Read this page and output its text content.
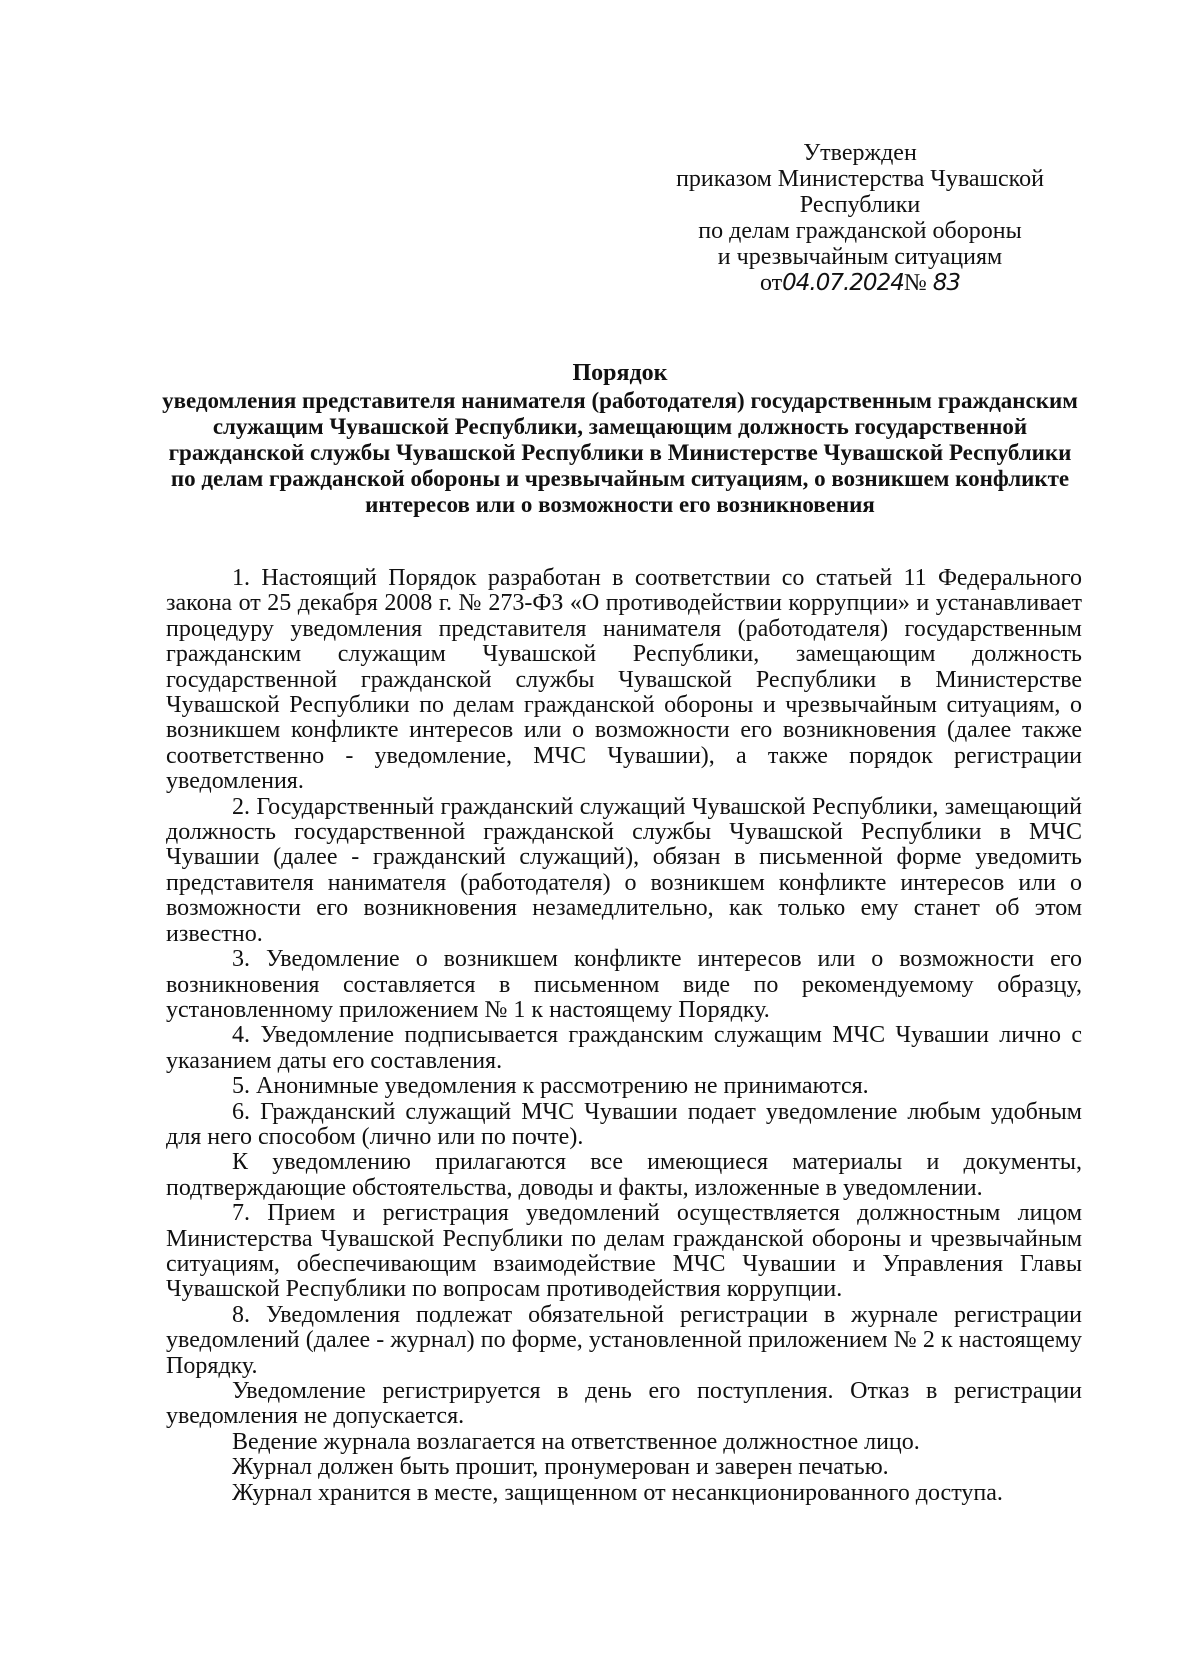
Утвержден
приказом Министерства Чувашской
Республики
по делам гражданской обороны
и чрезвычайным ситуациям
от04.07.2024№ 83
Порядок
уведомления представителя нанимателя (работодателя) государственным гражданским служащим Чувашской Республики, замещающим должность государственной гражданской службы Чувашской Республики в Министерстве Чувашской Республики по делам гражданской обороны и чрезвычайным ситуациям, о возникшем конфликте интересов или о возможности его возникновения

1. Настоящий Порядок разработан в соответствии со статьей 11 Федерального закона от 25 декабря 2008 г. № 273-ФЗ «О противодействии коррупции» и устанавливает процедуру уведомления представителя нанимателя (работодателя) государственным гражданским служащим Чувашской Республики, замещающим должность государственной гражданской службы Чувашской Республики в Министерстве Чувашской Республики по делам гражданской обороны и чрезвычайным ситуациям, о возникшем конфликте интересов или о возможности его возникновения (далее также соответственно - уведомление, МЧС Чувашии), а также порядок регистрации уведомления.

2. Государственный гражданский служащий Чувашской Республики, замещающий должность государственной гражданской службы Чувашской Республики в МЧС Чувашии (далее - гражданский служащий), обязан в письменной форме уведомить представителя нанимателя (работодателя) о возникшем конфликте интересов или о возможности его возникновения незамедлительно, как только ему станет об этом известно.

3. Уведомление о возникшем конфликте интересов или о возможности его возникновения составляется в письменном виде по рекомендуемому образцу, установленному приложением № 1 к настоящему Порядку.

4. Уведомление подписывается гражданским служащим МЧС Чувашии лично с указанием даты его составления.

5. Анонимные уведомления к рассмотрению не принимаются.

6. Гражданский служащий МЧС Чувашии подает уведомление любым удобным для него способом (лично или по почте).

К уведомлению прилагаются все имеющиеся материалы и документы, подтверждающие обстоятельства, доводы и факты, изложенные в уведомлении.

7. Прием и регистрация уведомлений осуществляется должностным лицом Министерства Чувашской Республики по делам гражданской обороны и чрезвычайным ситуациям, обеспечивающим взаимодействие МЧС Чувашии и Управления Главы Чувашской Республики по вопросам противодействия коррупции.

8. Уведомления подлежат обязательной регистрации в журнале регистрации уведомлений (далее - журнал) по форме, установленной приложением № 2 к настоящему Порядку.

Уведомление регистрируется в день его поступления. Отказ в регистрации уведомления не допускается.

Ведение журнала возлагается на ответственное должностное лицо.

Журнал должен быть прошит, пронумерован и заверен печатью.

Журнал хранится в месте, защищенном от несанкционированного доступа.
